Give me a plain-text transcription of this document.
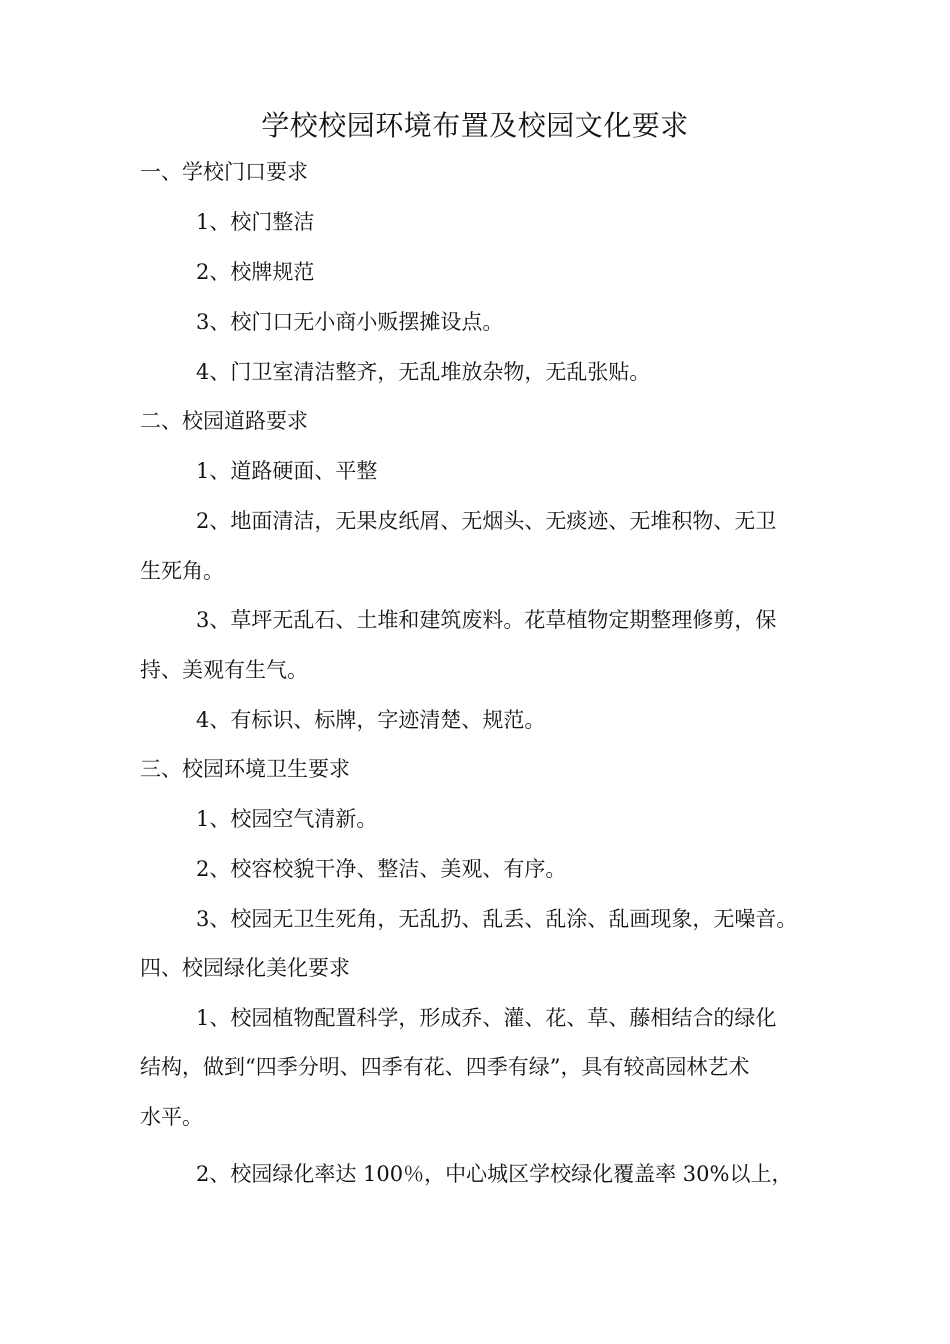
学校校园环境布置及校园文化要求

一、学校门口要求

1、校门整洁

2、校牌规范

3、校门口无小商小贩摆摊设点。

4、门卫室清洁整齐，无乱堆放杂物，无乱张贴。

二、校园道路要求

1、道路硬面、平整

2、地面清洁，无果皮纸屑、无烟头、无痰迹、无堆积物、无卫

生死角。

3、草坪无乱石、土堆和建筑废料。花草植物定期整理修剪，保

持、美观有生气。

4、有标识、标牌，字迹清楚、规范。

三、校园环境卫生要求

1、校园空气清新。

2、校容校貌干净、整洁、美观、有序。

3、校园无卫生死角，无乱扔、乱丢、乱涂、乱画现象，无噪音。

四、校园绿化美化要求

1、校园植物配置科学，形成乔、灌、花、草、藤相结合的绿化

结构，做到“四季分明、四季有花、四季有绿”，具有较高园林艺术

水平。

2、校园绿化率达 100％，中心城区学校绿化覆盖率 30%以上，
